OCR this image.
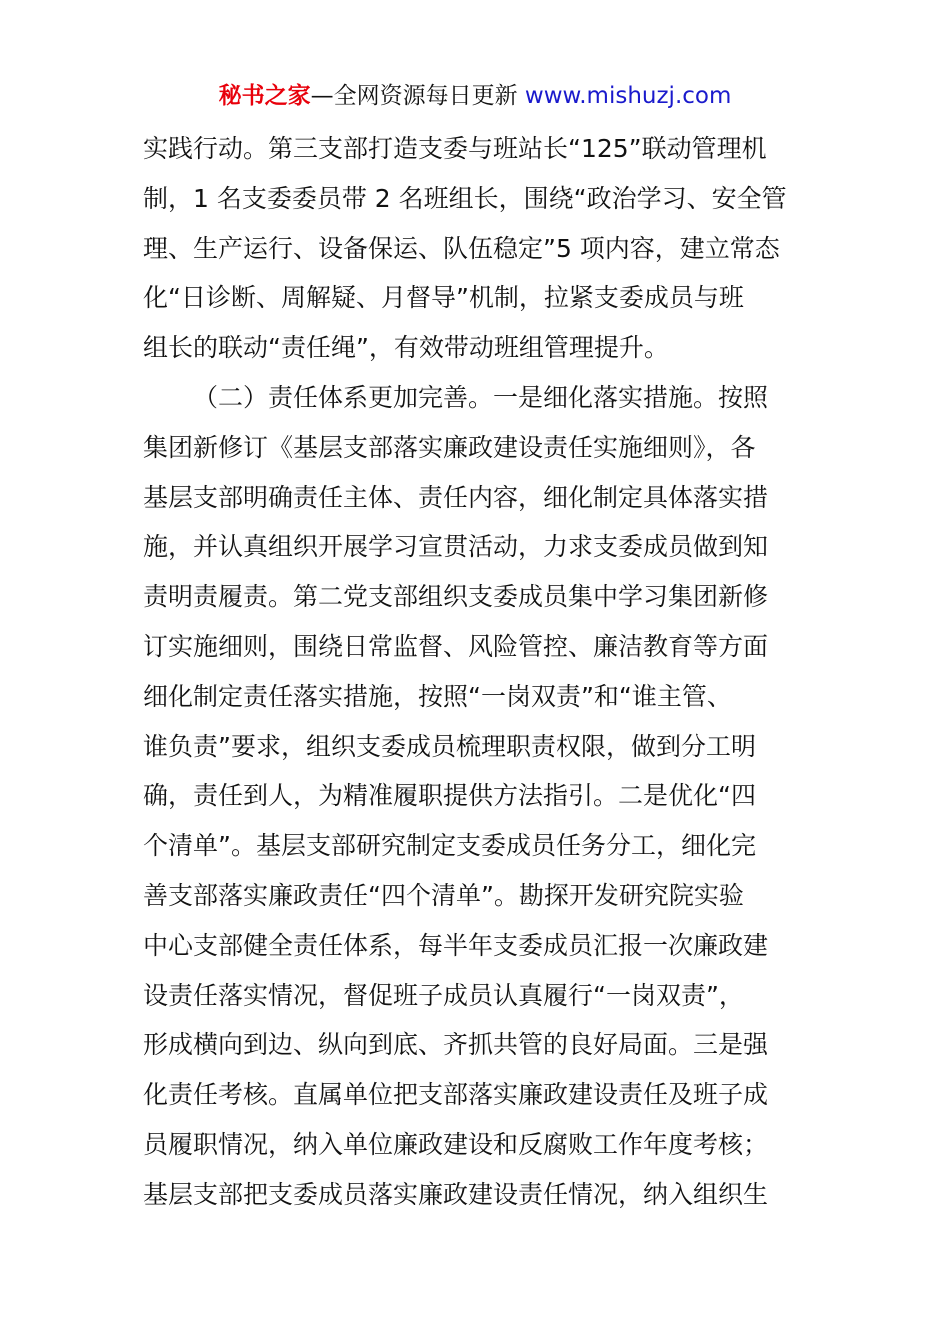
秘书之家—全网资源每日更新 www.mishuzj.com
实践行动。第三支部打造支委与班站长“125”联动管理机
制，1 名支委委员带 2 名班组长，围绕“政治学习、安全管
理、生产运行、设备保运、队伍稳定”5 项内容，建立常态
化“日诊断、周解疑、月督导”机制，拉紧支委成员与班
组长的联动“责任绳”，有效带动班组管理提升。
（二）责任体系更加完善。一是细化落实措施。按照
集团新修订《基层支部落实廉政建设责任实施细则》，各
基层支部明确责任主体、责任内容，细化制定具体落实措
施，并认真组织开展学习宣贯活动，力求支委成员做到知
责明责履责。第二党支部组织支委成员集中学习集团新修
订实施细则，围绕日常监督、风险管控、廉洁教育等方面
细化制定责任落实措施，按照“一岗双责”和“谁主管、
谁负责”要求，组织支委成员梳理职责权限，做到分工明
确，责任到人，为精准履职提供方法指引。二是优化“四
个清单”。基层支部研究制定支委成员任务分工，细化完
善支部落实廉政责任“四个清单”。勘探开发研究院实验
中心支部健全责任体系，每半年支委成员汇报一次廉政建
设责任落实情况，督促班子成员认真履行“一岗双责”，
形成横向到边、纵向到底、齐抓共管的良好局面。三是强
化责任考核。直属单位把支部落实廉政建设责任及班子成
员履职情况，纳入单位廉政建设和反腐败工作年度考核；
基层支部把支委成员落实廉政建设责任情况，纳入组织生
